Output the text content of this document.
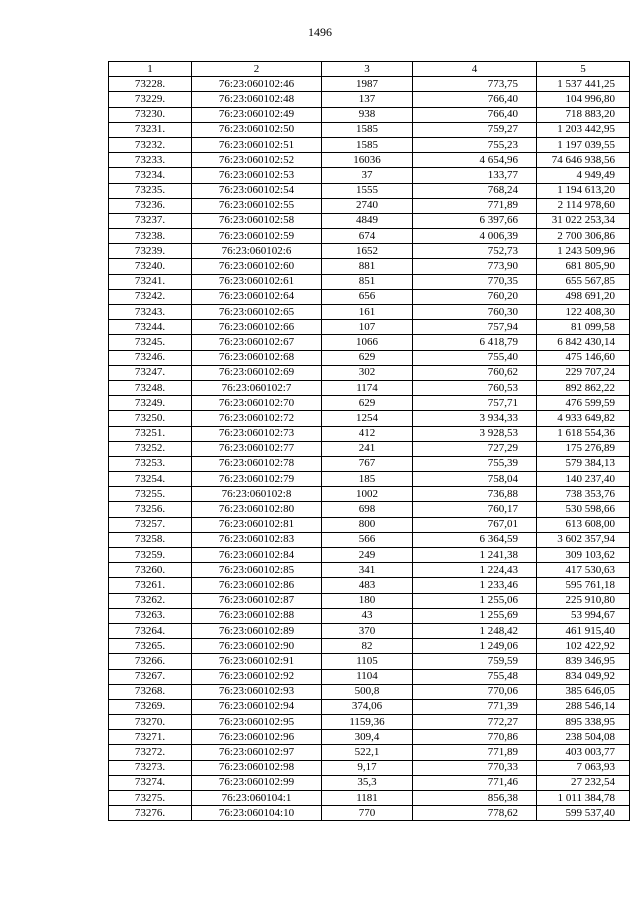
1496
1	2	3	4	5
73228.	76:23:060102:46	1987	773,75	1 537 441,25
73229.	76:23:060102:48	137	766,40	104 996,80
73230.	76:23:060102:49	938	766,40	718 883,20
73231.	76:23:060102:50	1585	759,27	1 203 442,95
73232.	76:23:060102:51	1585	755,23	1 197 039,55
73233.	76:23:060102:52	16036	4 654,96	74 646 938,56
73234.	76:23:060102:53	37	133,77	4 949,49
73235.	76:23:060102:54	1555	768,24	1 194 613,20
73236.	76:23:060102:55	2740	771,89	2 114 978,60
73237.	76:23:060102:58	4849	6 397,66	31 022 253,34
73238.	76:23:060102:59	674	4 006,39	2 700 306,86
73239.	76:23:060102:6	1652	752,73	1 243 509,96
73240.	76:23:060102:60	881	773,90	681 805,90
73241.	76:23:060102:61	851	770,35	655 567,85
73242.	76:23:060102:64	656	760,20	498 691,20
73243.	76:23:060102:65	161	760,30	122 408,30
73244.	76:23:060102:66	107	757,94	81 099,58
73245.	76:23:060102:67	1066	6 418,79	6 842 430,14
73246.	76:23:060102:68	629	755,40	475 146,60
73247.	76:23:060102:69	302	760,62	229 707,24
73248.	76:23:060102:7	1174	760,53	892 862,22
73249.	76:23:060102:70	629	757,71	476 599,59
73250.	76:23:060102:72	1254	3 934,33	4 933 649,82
73251.	76:23:060102:73	412	3 928,53	1 618 554,36
73252.	76:23:060102:77	241	727,29	175 276,89
73253.	76:23:060102:78	767	755,39	579 384,13
73254.	76:23:060102:79	185	758,04	140 237,40
73255.	76:23:060102:8	1002	736,88	738 353,76
73256.	76:23:060102:80	698	760,17	530 598,66
73257.	76:23:060102:81	800	767,01	613 608,00
73258.	76:23:060102:83	566	6 364,59	3 602 357,94
73259.	76:23:060102:84	249	1 241,38	309 103,62
73260.	76:23:060102:85	341	1 224,43	417 530,63
73261.	76:23:060102:86	483	1 233,46	595 761,18
73262.	76:23:060102:87	180	1 255,06	225 910,80
73263.	76:23:060102:88	43	1 255,69	53 994,67
73264.	76:23:060102:89	370	1 248,42	461 915,40
73265.	76:23:060102:90	82	1 249,06	102 422,92
73266.	76:23:060102:91	1105	759,59	839 346,95
73267.	76:23:060102:92	1104	755,48	834 049,92
73268.	76:23:060102:93	500,8	770,06	385 646,05
73269.	76:23:060102:94	374,06	771,39	288 546,14
73270.	76:23:060102:95	1159,36	772,27	895 338,95
73271.	76:23:060102:96	309,4	770,86	238 504,08
73272.	76:23:060102:97	522,1	771,89	403 003,77
73273.	76:23:060102:98	9,17	770,33	7 063,93
73274.	76:23:060102:99	35,3	771,46	27 232,54
73275.	76:23:060104:1	1181	856,38	1 011 384,78
73276.	76:23:060104:10	770	778,62	599 537,40
